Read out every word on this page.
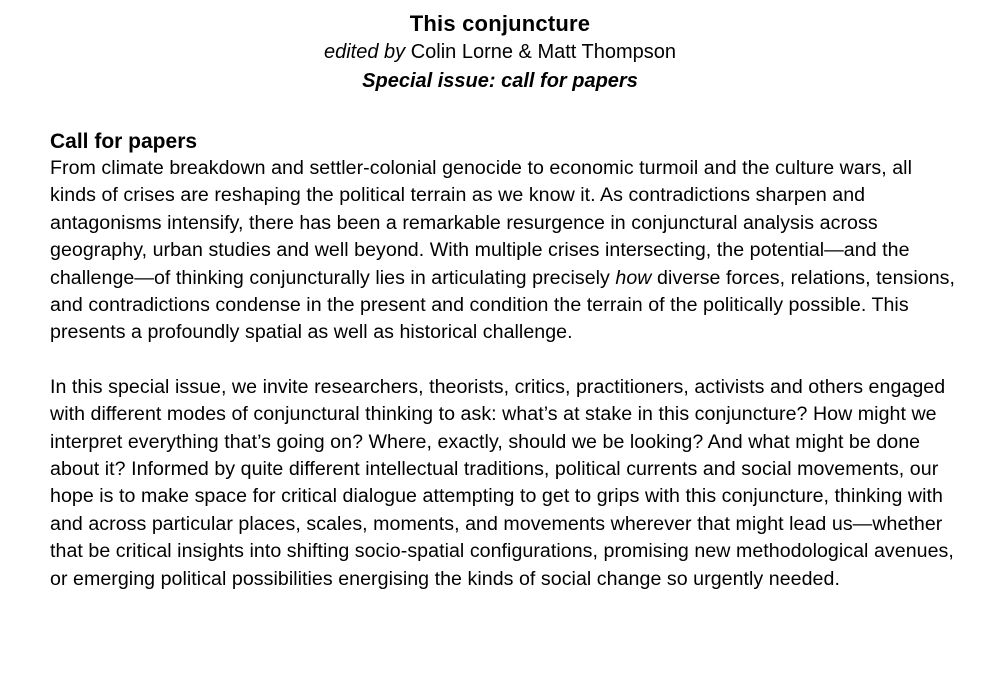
This conjuncture

edited by Colin Lorne & Matt Thompson

Special issue: call for papers

Call for papers

From climate breakdown and settler-colonial genocide to economic turmoil and the culture wars, all kinds of crises are reshaping the political terrain as we know it. As contradictions sharpen and antagonisms intensify, there has been a remarkable resurgence in conjunctural analysis across geography, urban studies and well beyond. With multiple crises intersecting, the potential—and the challenge—of thinking conjuncturally lies in articulating precisely how diverse forces, relations, tensions, and contradictions condense in the present and condition the terrain of the politically possible. This presents a profoundly spatial as well as historical challenge.

In this special issue, we invite researchers, theorists, critics, practitioners, activists and others engaged with different modes of conjunctural thinking to ask: what’s at stake in this conjuncture? How might we interpret everything that’s going on? Where, exactly, should we be looking? And what might be done about it? Informed by quite different intellectual traditions, political currents and social movements, our hope is to make space for critical dialogue attempting to get to grips with this conjuncture, thinking with and across particular places, scales, moments, and movements wherever that might lead us—whether that be critical insights into shifting socio-spatial configurations, promising new methodological avenues, or emerging political possibilities energising the kinds of social change so urgently needed.
